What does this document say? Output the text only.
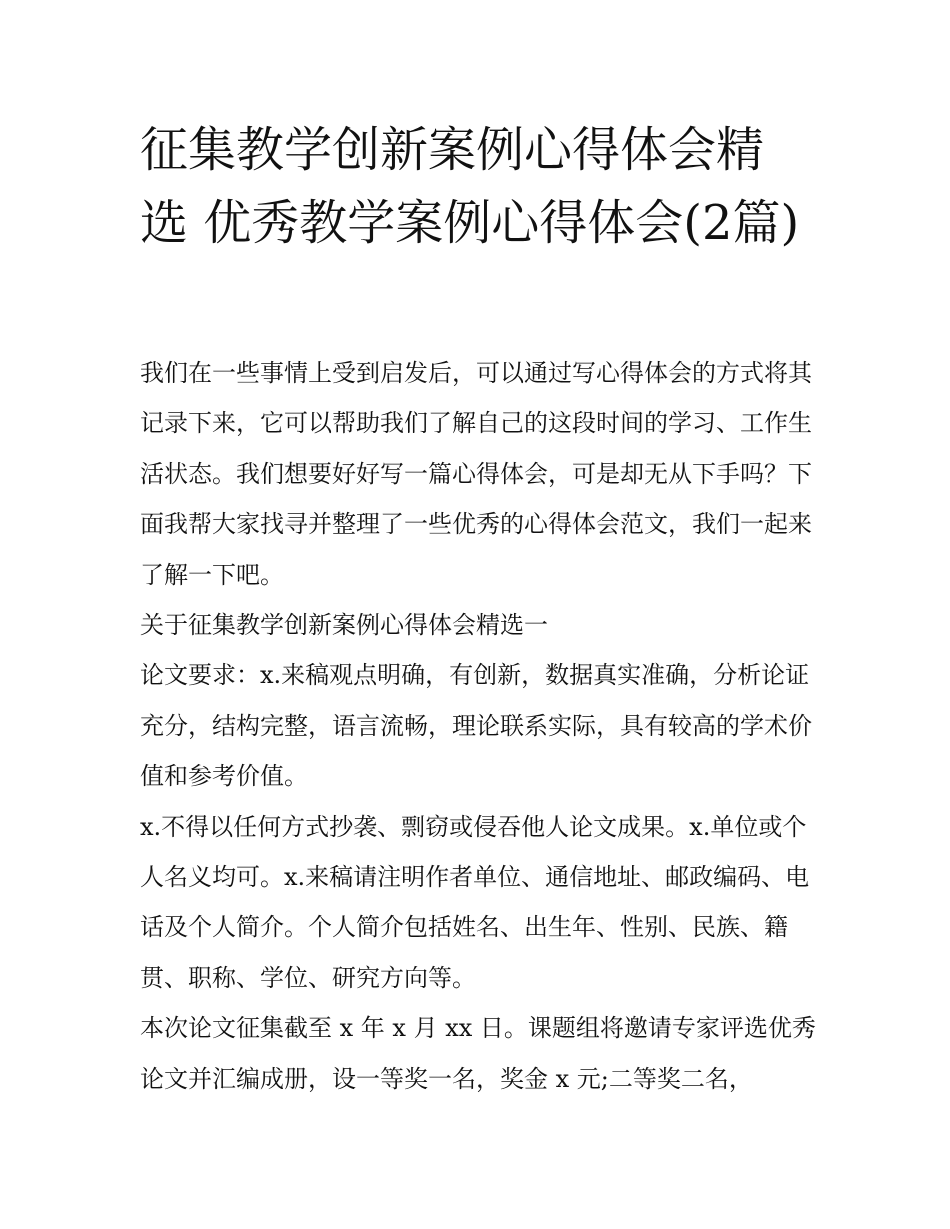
征集教学创新案例心得体会精选 优秀教学案例心得体会(2篇)

我们在一些事情上受到启发后，可以通过写心得体会的方式将其记录下来，它可以帮助我们了解自己的这段时间的学习、工作生活状态。我们想要好好写一篇心得体会，可是却无从下手吗？下面我帮大家找寻并整理了一些优秀的心得体会范文，我们一起来了解一下吧。

关于征集教学创新案例心得体会精选一

论文要求：x.来稿观点明确，有创新，数据真实准确，分析论证充分，结构完整，语言流畅，理论联系实际，具有较高的学术价值和参考价值。

x.不得以任何方式抄袭、剽窃或侵吞他人论文成果。x.单位或个人名义均可。x.来稿请注明作者单位、通信地址、邮政编码、电话及个人简介。个人简介包括姓名、出生年、性别、民族、籍贯、职称、学位、研究方向等。

本次论文征集截至 x 年 x 月 xx 日。课题组将邀请专家评选优秀论文并汇编成册，设一等奖一名，奖金 x 元;二等奖二名，
